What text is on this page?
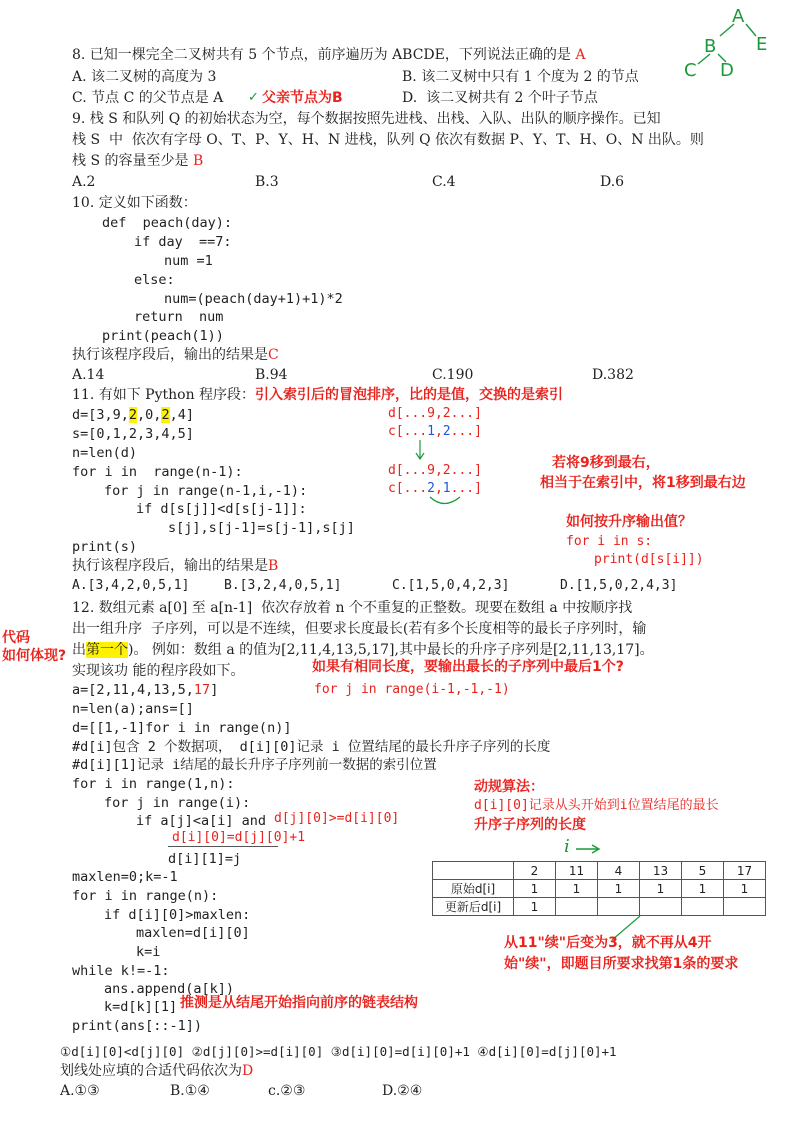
8. 已知一棵完全二叉树共有 5 个节点，前序遍历为 ABCDE，下列说法正确的是 A
A. 该二叉树的高度为 3	B. 该二叉树中只有 1 个度为 2 的节点
C. 节点 C 的父节点是 A ✓ 父亲节点为B	D.  该二叉树共有 2 个叶子节点
A
B E
C D
9. 栈 S 和队列 Q 的初始状态为空，每个数据按照先进栈、出栈、入队、出队的顺序操作。已知
栈 S  中  依次有字母 O、T、P、Y、H、N 进栈，队列 Q 依次有数据 P、Y、T、H、O、N 出队。则
栈 S 的容量至少是 B
A.2	B.3	C.4	D.6
10. 定义如下函数：
def  peach(day):
if day  ==7:
num =1
else:
num=(peach(day+1)+1)*2
return  num
print(peach(1))
执行该程序段后，输出的结果是C
A.14	B.94	C.190	D.382
11. 有如下 Python 程序段：引入索引后的冒泡排序，比的是值，交换的是索引
d=[3,9,2,0,2,4]
s=[0,1,2,3,4,5]
n=len(d)
for i in  range(n-1):
for j in range(n-1,i,-1):
if d[s[j]]<d[s[j-1]]:
s[j],s[j-1]=s[j-1],s[j]
print(s)
执行该程序段后，输出的结果是B
A.[3,4,2,0,5,1]	B.[3,2,4,0,5,1]	C.[1,5,0,4,2,3]	D.[1,5,0,2,4,3]
d[...9,2...]
c[...1,2...]
d[...9,2...]
c[...2,1...]
若将9移到最右，
相当于在索引中，将1移到最右边
如何按升序输出值？
for i in s:
print(d[s[i]])
代码
如何体现?
12. 数组元素 a[0] 至 a[n-1]  依次存放着 n 个不重复的正整数。现要在数组 a 中按顺序找
出一组升序  子序列，可以是不连续，但要求长度最长(若有多个长度相等的最长子序列时，输
出第一个)。 例如：数组 a 的值为[2,11,4,13,5,17],其中最长的升序子序列是[2,11,13,17]。
实现该功 能的程序段如下。	如果有相同长度，要输出最长的子序列中最后1个?
for j in range(i-1,-1,-1)
a=[2,11,4,13,5,17]
n=len(a);ans=[]
d=[[1,-1]for i in range(n)]
#d[i]包含 2 个数据项， d[i][0]记录 i 位置结尾的最长升序子序列的长度
#d[i][1]记录 i结尾的最长升序子序列前一数据的索引位置
for i in range(1,n):
for j in range(i):
if a[j]<a[i] and d[j][0]>=d[i][0]
d[i][0]=d[j][0]+1
d[i][1]=j
maxlen=0;k=-1
for i in range(n):
if d[i][0]>maxlen:
maxlen=d[i][0]
k=i
while k!=-1:
ans.append(a[k])
k=d[k][1] 推测是从结尾开始指向前序的链表结构
print(ans[::-1])
动规算法：
d[i][0]记录从头开始到i位置结尾的最长
升序子序列的长度
i
	2	11	4	13	5	17
原始d[i]	1	1	1	1	1	1
更新后d[i]	1					
从11"续"后变为3，就不再从4开
始"续"，即题目所要求找第1条的要求
①d[i][0]<d[j][0] ②d[j][0]>=d[i][0] ③d[i][0]=d[i][0]+1 ④d[i][0]=d[j][0]+1
划线处应填的合适代码依次为D
A.①③	B.①④	c.②③	D.②④
